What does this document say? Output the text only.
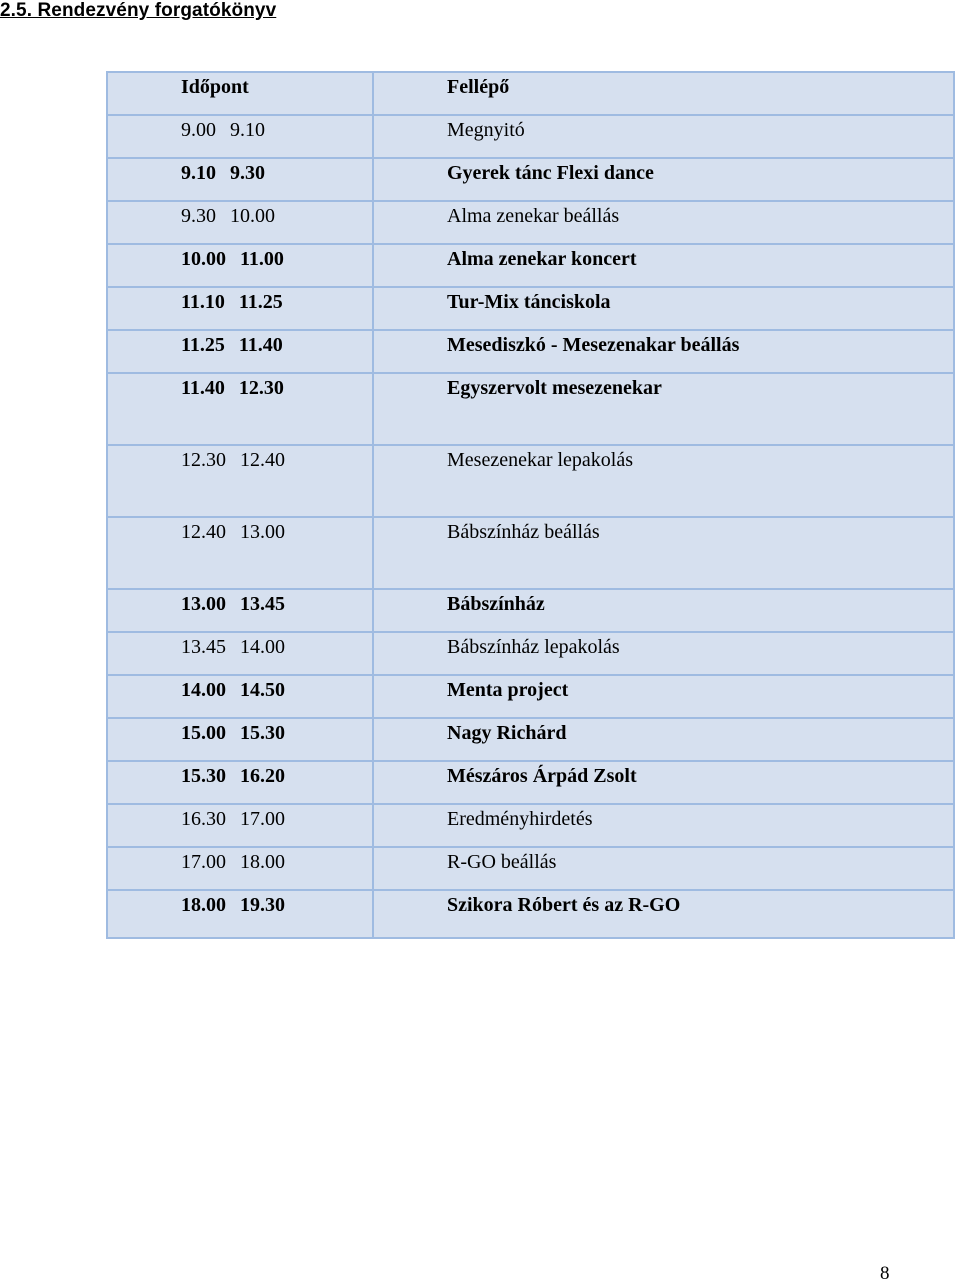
2.5. Rendezvény forgatókönyv
Időpont	Fellépő
9.00 9.10	Megnyitó
9.10 9.30	Gyerek tánc Flexi dance
9.30 10.00	Alma zenekar beállás
10.00 11.00	Alma zenekar koncert
11.10 11.25	Tur-Mix tánciskola
11.25 11.40	Mesediszkó - Mesezenakar beállás
11.40 12.30	Egyszervolt mesezenekar
12.30 12.40	Mesezenekar lepakolás
12.40 13.00	Bábszínház beállás
13.00 13.45	Bábszínház
13.45 14.00	Bábszínház lepakolás
14.00 14.50	Menta project
15.00 15.30	Nagy Richárd
15.30 16.20	Mészáros Árpád Zsolt
16.30 17.00	Eredményhirdetés
17.00 18.00	R-GO beállás
18.00 19.30	Szikora Róbert és az R-GO
8
